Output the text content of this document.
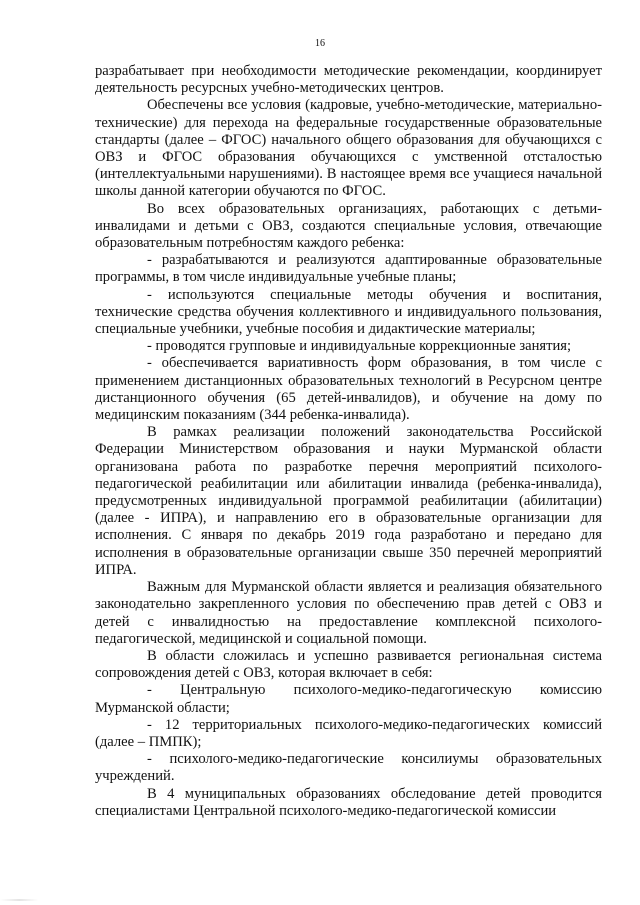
16

разрабатывает при необходимости методические рекомендации, координирует деятельность ресурсных учебно-методических центров.

Обеспечены все условия (кадровые, учебно-методические, материально- технические) для перехода на федеральные государственные образовательные стандарты (далее – ФГОС) начального общего образования для обучающихся с ОВЗ и ФГОС образования обучающихся с умственной отсталостью (интеллектуальными нарушениями). В настоящее время все учащиеся начальной школы данной категории обучаются по ФГОС.

Во всех образовательных организациях, работающих с детьми-инвалидами и детьми с ОВЗ, создаются специальные условия, отвечающие образовательным потребностям каждого ребенка:

- разрабатываются и реализуются адаптированные образовательные программы, в том числе индивидуальные учебные планы;

- используются специальные методы обучения и воспитания, технические средства обучения коллективного и индивидуального пользования, специальные учебники, учебные пособия и дидактические материалы;

- проводятся групповые и индивидуальные коррекционные занятия;

- обеспечивается вариативность форм образования, в том числе с применением дистанционных образовательных технологий в Ресурсном центре дистанционного обучения (65 детей-инвалидов), и обучение на дому по медицинским показаниям (344 ребенка-инвалида).

В рамках реализации положений законодательства Российской Федерации Министерством образования и науки Мурманской области организована работа по разработке перечня мероприятий психолого-педагогической реабилитации или абилитации инвалида (ребенка-инвалида), предусмотренных индивидуальной программой реабилитации (абилитации) (далее - ИПРА), и направлению его в образовательные организации для исполнения. С января по декабрь 2019 года разработано и передано для исполнения в образовательные организации свыше 350 перечней мероприятий ИПРА.

Важным для Мурманской области является и реализация обязательного законодательно закрепленного условия по обеспечению прав детей с ОВЗ и детей с инвалидностью на предоставление комплексной психолого-педагогической, медицинской и социальной помощи.

В области сложилась и успешно развивается региональная система сопровождения детей с ОВЗ, которая включает в себя:

- Центральную психолого-медико-педагогическую комиссию Мурманской области;

- 12 территориальных психолого-медико-педагогических комиссий (далее – ПМПК);

- психолого-медико-педагогические консилиумы образовательных учреждений.

В 4 муниципальных образованиях обследование детей проводится специалистами Центральной психолого-медико-педагогической комиссии
